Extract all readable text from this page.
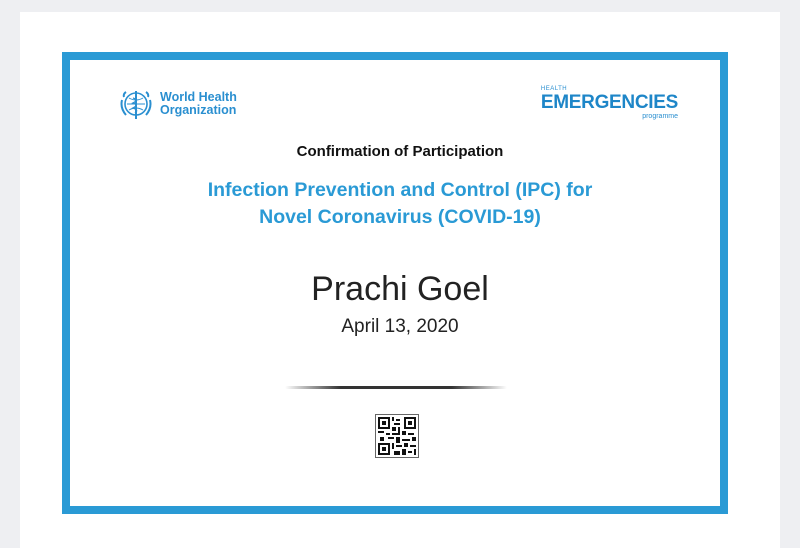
World Health
Organization
HEALTH
EMERGENCIES
programme
Confirmation of Participation
Infection Prevention and Control (IPC) for
Novel Coronavirus (COVID-19)
Prachi Goel
April 13, 2020
